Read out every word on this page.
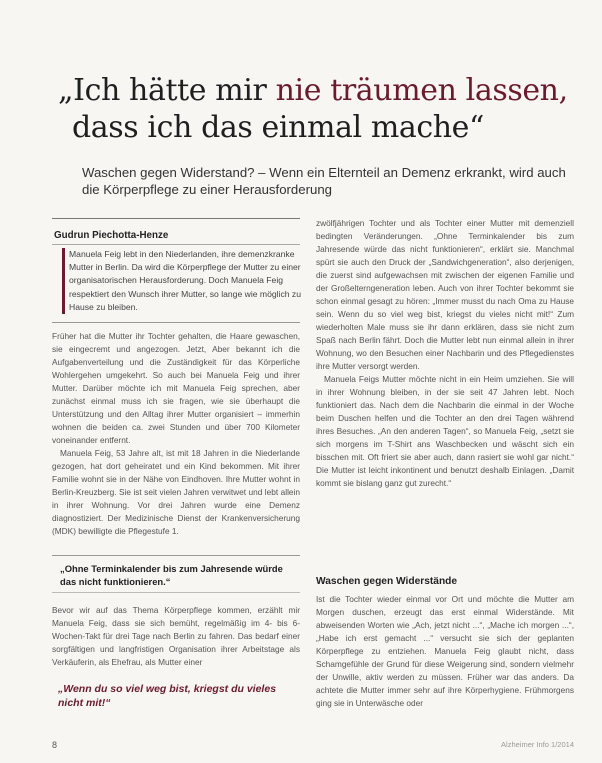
„Ich hätte mir nie träumen lassen,
dass ich das einmal mache“
Waschen gegen Widerstand? – Wenn ein Elternteil an Demenz erkrankt, wird auch die Körperpflege zu einer Herausforderung
Gudrun Piechotta-Henze
Manuela Feig lebt in den Niederlanden, ihre demenzkranke Mutter in Berlin. Da wird die Körperpflege der Mutter zu einer organisatorischen Herausforderung. Doch Manuela Feig respektiert den Wunsch ihrer Mutter, so lange wie möglich zu Hause zu bleiben.

Früher hat die Mutter ihr Tochter gehalten, die Haare gewaschen, sie eingecremt und angezogen. Jetzt, Aber bekannt ich die Aufgabenverteilung und die Zuständigkeit für das Körperliche Wohlergehen umgekehrt. So auch bei Manuela Feig und ihrer Mutter. Darüber möchte ich mit Manuela Feig sprechen, aber zunächst einmal muss ich sie fragen, wie sie überhaupt die Unterstützung und den Alltag ihrer Mutter organisiert – immerhin wohnen die beiden ca. zwei Stunden und über 700 Kilometer voneinander entfernt.

Manuela Feig, 53 Jahre alt, ist mit 18 Jahren in die Niederlande gezogen, hat dort geheiratet und ein Kind bekommen. Mit ihrer Familie wohnt sie in der Nähe von Eindhoven. Ihre Mutter wohnt in Berlin-Kreuzberg. Sie ist seit vielen Jahren verwitwet und lebt allein in ihrer Wohnung. Vor drei Jahren wurde eine Demenz diagnostiziert. Der Medizinische Dienst der Krankenversicherung (MDK) bewilligte die Pflegestufe 1.

„Ohne Terminkalender bis zum Jahresende würde das nicht funktionieren.“

Bevor wir auf das Thema Körperpflege kommen, erzählt mir Manuela Feig, dass sie sich bemüht, regelmäßig im 4- bis 6-Wochen-Takt für drei Tage nach Berlin zu fahren. Das bedarf einer sorgfältigen und langfristigen Organisation ihrer Arbeitstage als Verkäuferin, als Ehefrau, als Mutter einer

„Wenn du so viel weg bist, kriegst du vieles nicht mit!“

zwölfjährigen Tochter und als Tochter einer Mutter mit demenziell bedingten Veränderungen. „Ohne Terminkalender bis zum Jahresende würde das nicht funktionieren“, erklärt sie. Manchmal spürt sie auch den Druck der „Sandwichgeneration“, also derjenigen, die zuerst sind aufgewachsen mit zwischen der eigenen Familie und der Großelterngeneration leben. Auch von ihrer Tochter bekommt sie schon einmal gesagt zu hören: „Immer musst du nach Oma zu Hause sein. Wenn du so viel weg bist, kriegst du vieles nicht mit!“ Zum wiederholten Male muss sie ihr dann erklären, dass sie nicht zum Spaß nach Berlin fährt. Doch die Mutter lebt nun einmal allein in ihrer Wohnung, wo den Besuchen einer Nachbarin und des Pflegedienstes ihre Mutter versorgt werden.

Manuela Feigs Mutter möchte nicht in ein Heim umziehen. Sie will in ihrer Wohnung bleiben, in der sie seit 47 Jahren lebt. Noch funktioniert das. Nach dem die Nachbarin die einmal in der Woche beim Duschen helfen und die Tochter an den drei Tagen während ihres Besuches. „An den anderen Tagen“, so Manuela Feig, „setzt sie sich morgens im T-Shirt ans Waschbecken und wäscht sich ein bisschen mit. Oft friert sie aber auch, dann rasiert sie wohl gar nicht.“ Die Mutter ist leicht inkontinent und benutzt deshalb Einlagen. „Damit kommt sie bislang ganz gut zurecht.“

Waschen gegen Widerstände

Ist die Tochter wieder einmal vor Ort und möchte die Mutter am Morgen duschen, erzeugt das erst einmal Widerstände. Mit abweisenden Worten wie „Ach, jetzt nicht ...“, „Mache ich morgen ...“, „Habe ich erst gemacht ...“ versucht sie sich der geplanten Körperpflege zu entziehen. Manuela Feig glaubt nicht, dass Schamgefühle der Grund für diese Weigerung sind, sondern vielmehr der Unwille, aktiv werden zu müssen. Früher war das anders. Da achtete die Mutter immer sehr auf ihre Körperhygiene. Frühmorgens ging sie in Unterwäsche oder

8	Alzheimer Info 1/2014
